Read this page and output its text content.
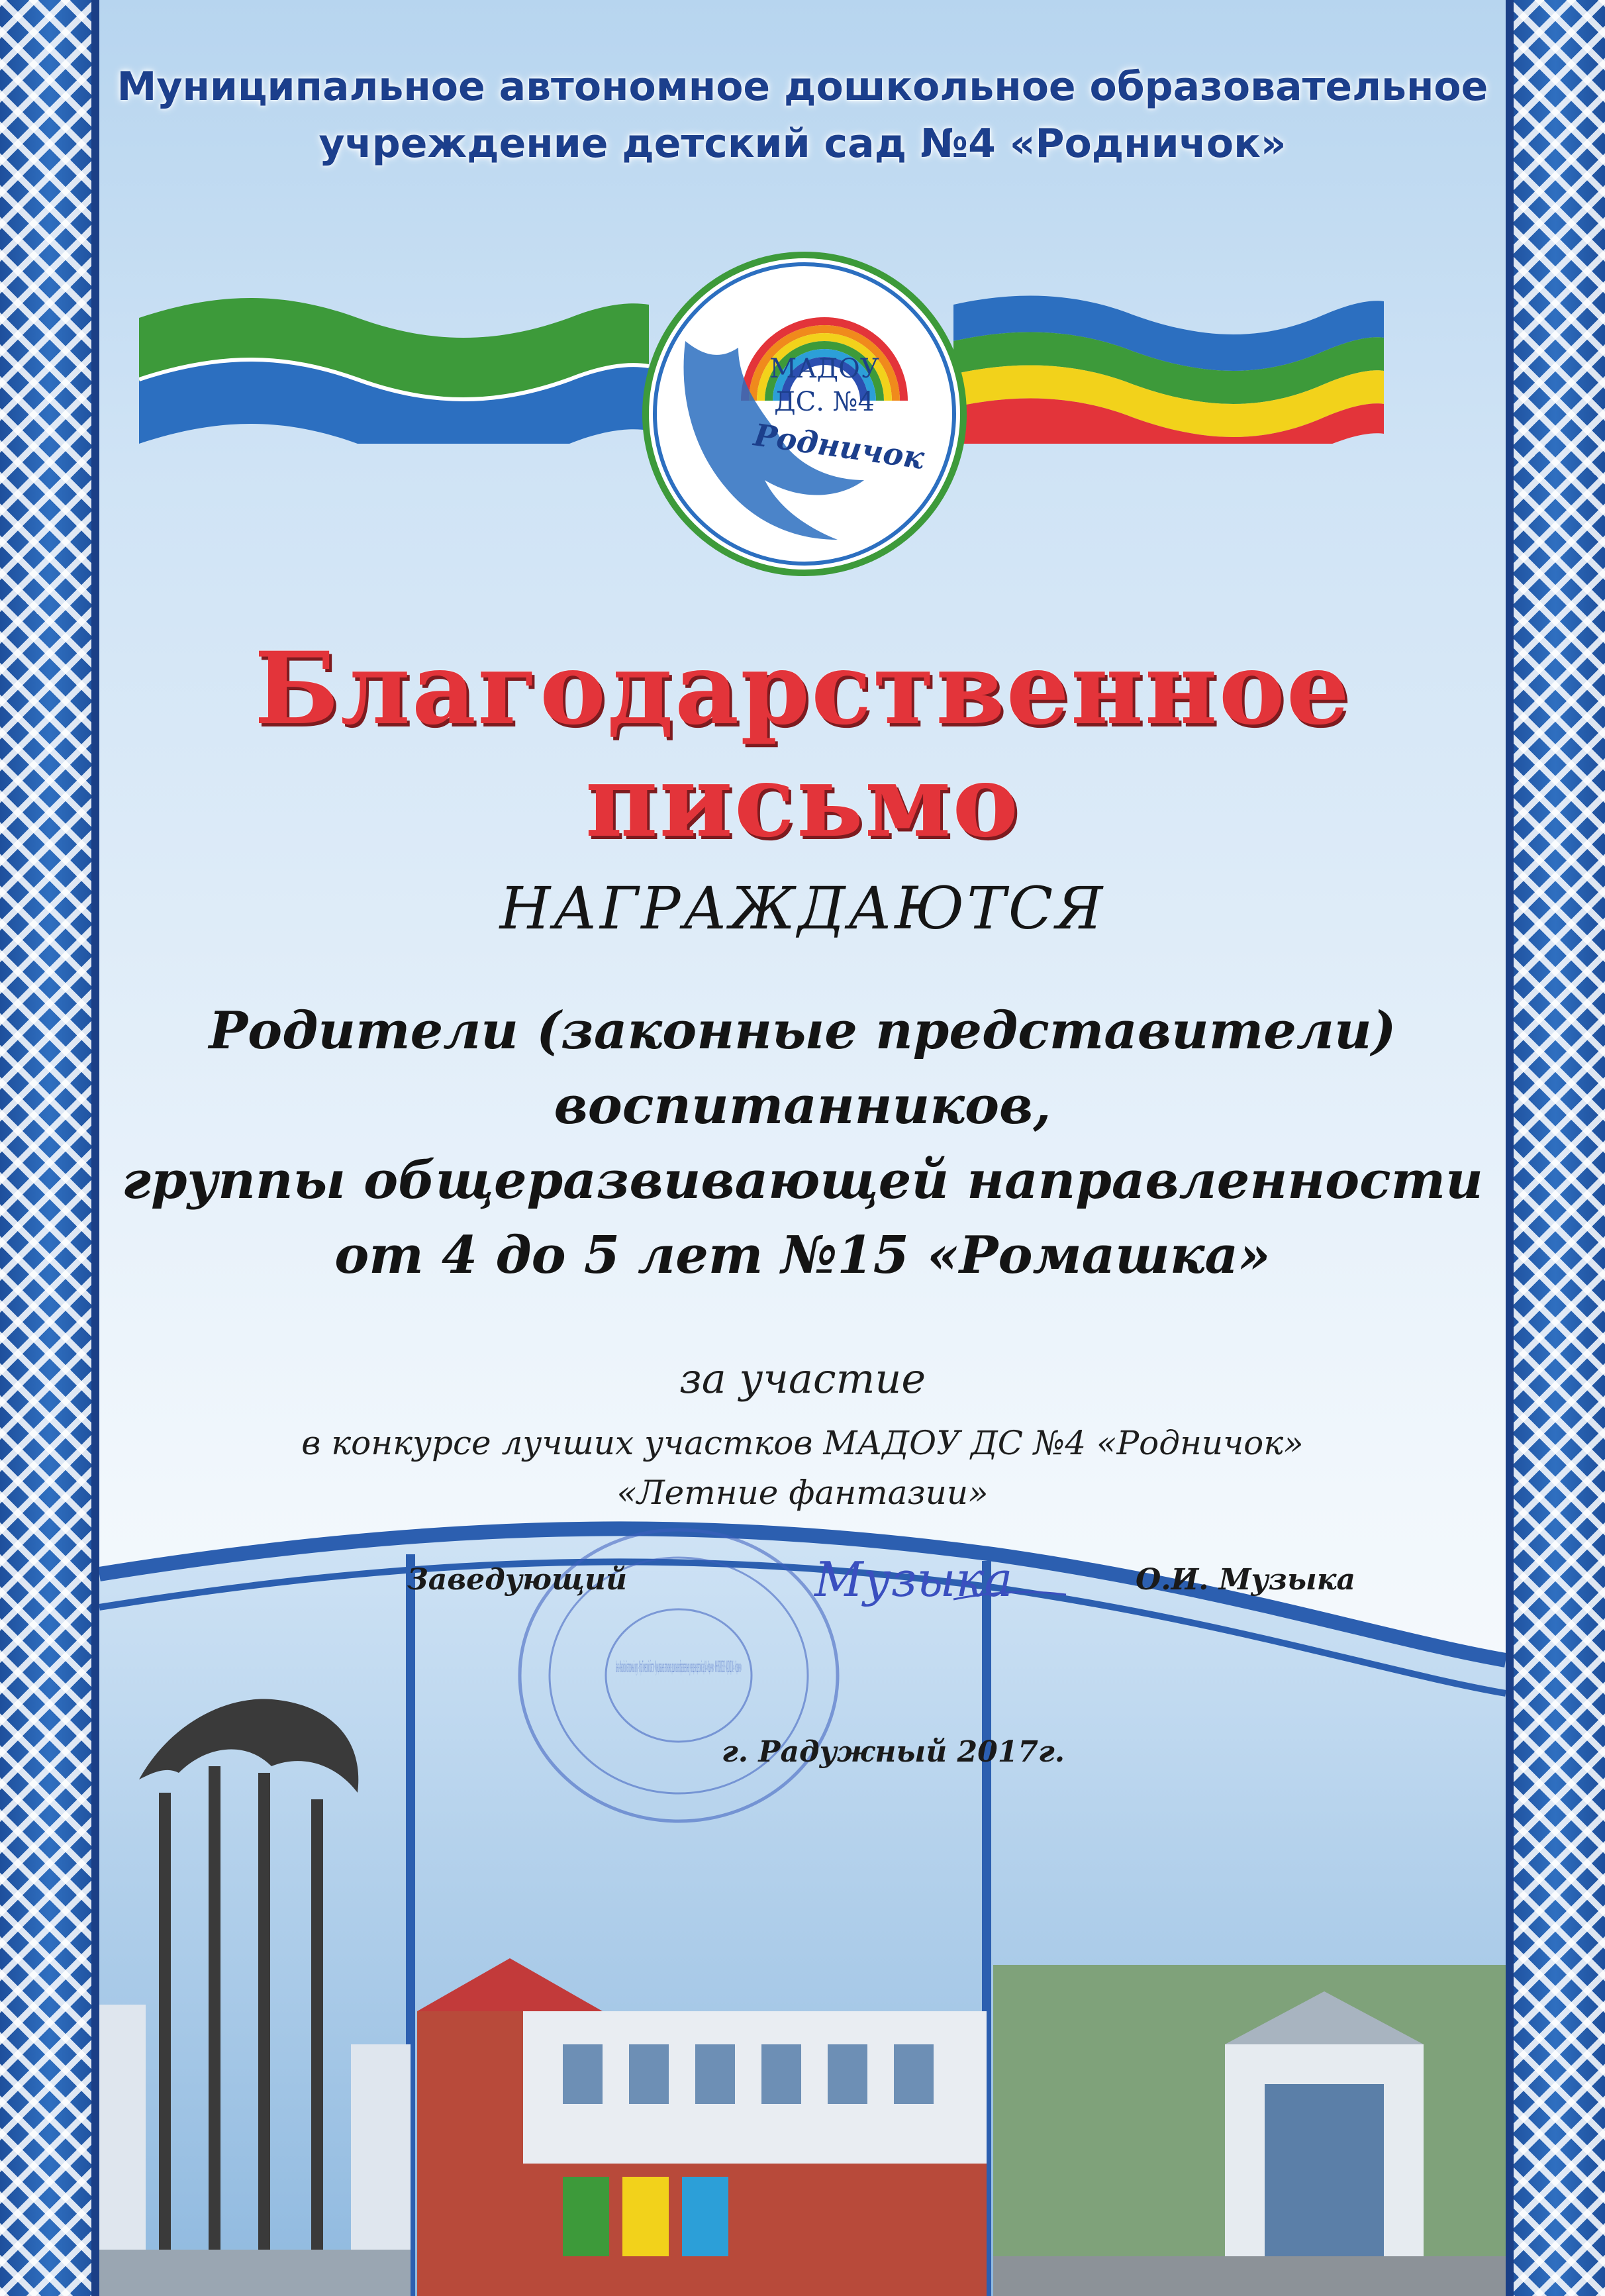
Муниципальное автономное дошкольное образовательное
учреждение детский сад №4 «Родничок»
МАДОУ
ДС. №4
Родничок
Благодарственное
письмо
НАГРАЖДАЮТСЯ
Родители (законные представители)
воспитанников,
группы общеразвивающей направленности
от 4 до 5 лет №15 «Ромашка»
за участие
в конкурсе лучших участков МАДОУ ДС №4 «Родничок»
«Летние фантазии»
Ханты-Мансийский автономный округ - Югра Тюменской области · Муниципальное автономное дошкольное образовательное учреждение детский сад № 4 «Родничок» · ИНН 8609005318 · МАДОУ ДС № 4 «Родничок»
Заведующий	Музыка	О.И. Музыка
г. Радужный 2017г.
